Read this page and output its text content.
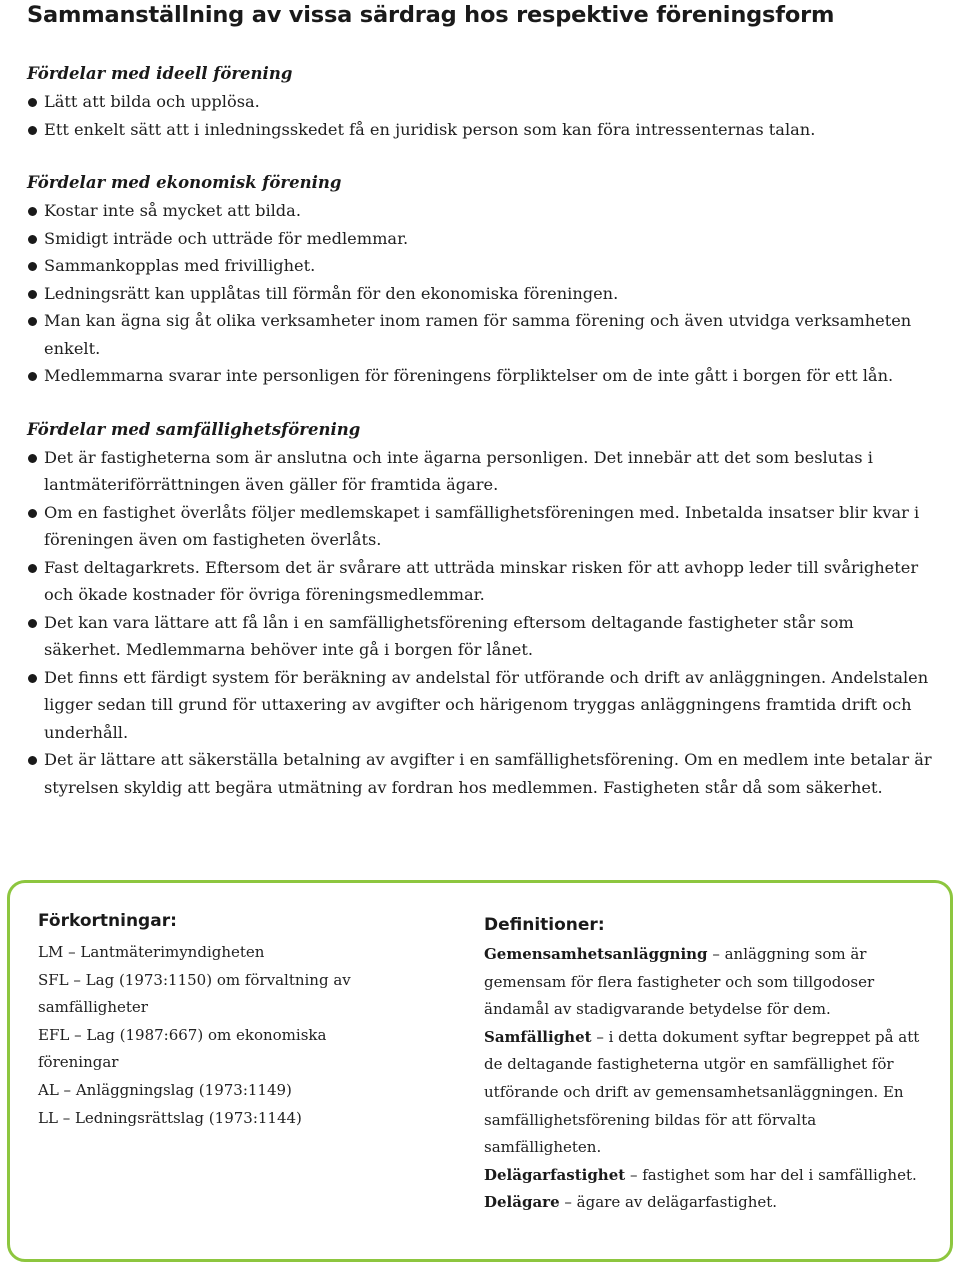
Sammanställning av vissa särdrag hos respektive föreningsform
Fördelar med ideell förening
Lätt att bilda och upplösa.
Ett enkelt sätt att i inledningsskedet få en juridisk person som kan föra intressenternas talan.
Fördelar med ekonomisk förening
Kostar inte så mycket att bilda.
Smidigt inträde och utträde för medlemmar.
Sammankopplas med frivillighet.
Ledningsrätt kan upplåtas till förmån för den ekonomiska föreningen.
Man kan ägna sig åt olika verksamheter inom ramen för samma förening och även utvidga verksamheten enkelt.
Medlemmarna svarar inte personligen för föreningens förpliktelser om de inte gått i borgen för ett lån.
Fördelar med samfällighetsförening
Det är fastigheterna som är anslutna och inte ägarna personligen. Det innebär att det som beslutas i lantmäteriförrättningen även gäller för framtida ägare.
Om en fastighet överlåts följer medlemskapet i samfällighetsföreningen med. Inbetalda insatser blir kvar i föreningen även om fastigheten överlåts.
Fast deltagarkrets. Eftersom det är svårare att utträda minskar risken för att avhopp leder till svårigheter och ökade kostnader för övriga föreningsmedlemmar.
Det kan vara lättare att få lån i en samfällighetsförening eftersom deltagande fastigheter står som säkerhet. Medlemmarna behöver inte gå i borgen för lånet.
Det finns ett färdigt system för beräkning av andelstal för utförande och drift av anläggningen. Andelstalen ligger sedan till grund för uttaxering av avgifter och härigenom tryggas anläggningens framtida drift och underhåll.
Det är lättare att säkerställa betalning av avgifter i en samfällighetsförening. Om en medlem inte betalar är styrelsen skyldig att begära utmätning av fordran hos medlemmen. Fastigheten står då som säkerhet.
Förkortningar:

LM – Lantmäterimyndigheten

SFL – Lag (1973:1150) om förvaltning av samfälligheter

EFL – Lag (1987:667) om ekonomiska föreningar

AL – Anläggningslag (1973:1149)

LL – Ledningsrättslag (1973:1144)

Definitioner:

Gemensamhetsanläggning – anläggning som är gemensam för flera fastigheter och som tillgodoser ändamål av stadigvarande betydelse för dem.

Samfällighet – i detta dokument syftar begreppet på att de deltagande fastigheterna utgör en samfällighet för utförande och drift av gemensamhetsanläggningen. En samfällighetsförening bildas för att förvalta samfälligheten.

Delägarfastighet – fastighet som har del i samfällighet.

Delägare – ägare av delägarfastighet.
